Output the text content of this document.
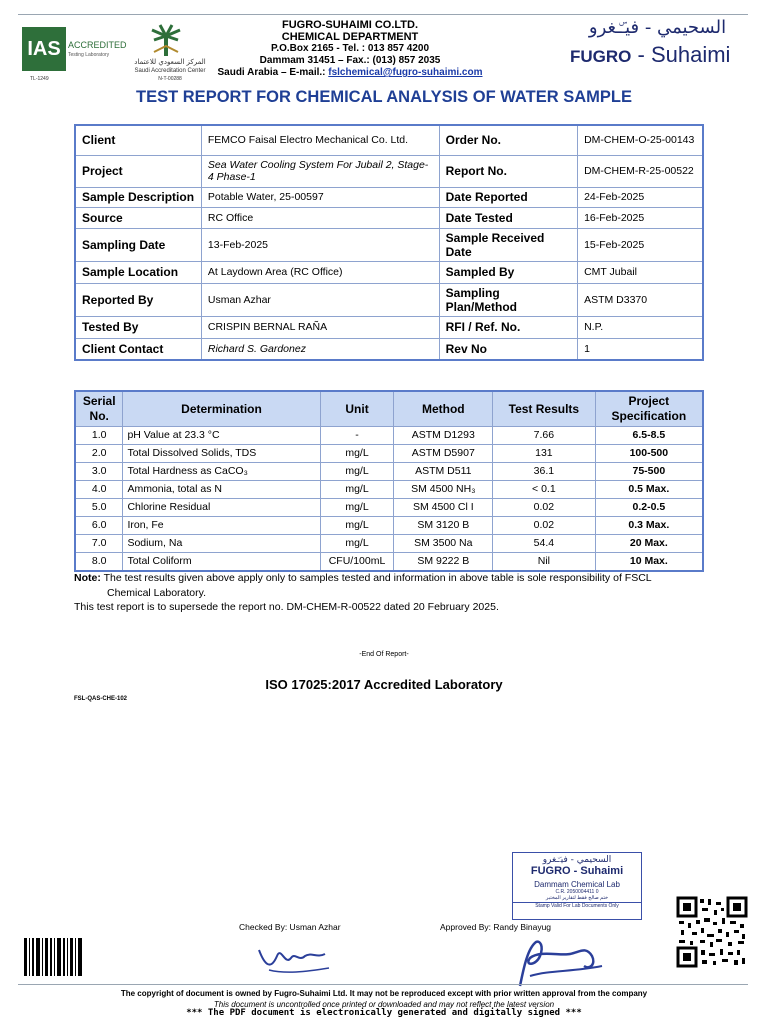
IAS ACCREDITED
Testing Laboratory
TL-1249
المركز السعودي للاعتماد
Saudi Accreditation Center
N-T-00288
FUGRO-SUHAIMI CO.LTD.
CHEMICAL DEPARTMENT
P.O.Box 2165 - Tel. : 013 857 4200
Dammam 31451 – Fax.: (013) 857 2035
Saudi Arabia – E-mail.: fslchemical@fugro-suhaimi.com
السحيمي - فيـۜـغرو
FUGRO - Suhaimi
TEST REPORT FOR CHEMICAL ANALYSIS OF WATER SAMPLE
Client	FEMCO Faisal Electro Mechanical Co. Ltd.	Order No.	DM-CHEM-O-25-00143
Project	Sea Water Cooling System For Jubail 2, Stage-4 Phase-1	Report No.	DM-CHEM-R-25-00522
Sample Description	Potable Water, 25-00597	Date Reported	24-Feb-2025
Source	RC Office	Date Tested	16-Feb-2025
Sampling Date	13-Feb-2025	Sample Received Date	15-Feb-2025
Sample Location	At Laydown Area (RC Office)	Sampled By	CMT Jubail
Reported By	Usman Azhar	Sampling Plan/Method	ASTM D3370
Tested By	CRISPIN BERNAL RAÑA	RFI / Ref. No.	N.P.
Client Contact	Richard S. Gardonez	Rev No	1
Serial No.	Determination	Unit	Method	Test Results	Project Specification
1.0	pH Value at 23.3 °C	-	ASTM D1293	7.66	6.5-8.5
2.0	Total Dissolved Solids, TDS	mg/L	ASTM D5907	131	100-500
3.0	Total Hardness as CaCO₃	mg/L	ASTM D511	36.1	75-500
4.0	Ammonia, total as N	mg/L	SM 4500 NH₃	< 0.1	0.5 Max.
5.0	Chlorine Residual	mg/L	SM 4500 Cl I	0.02	0.2-0.5
6.0	Iron, Fe	mg/L	SM 3120 B	0.02	0.3 Max.
7.0	Sodium, Na	mg/L	SM 3500 Na	54.4	20 Max.
8.0	Total Coliform	CFU/100mL	SM 9222 B	Nil	10 Max.
Note: The test results given above apply only to samples tested and information in above table is sole responsibility of FSCL
Chemical Laboratory.
This test report is to supersede the report no. DM-CHEM-R-00522 dated 20 February 2025.
-End Of Report-
ISO 17025:2017 Accredited Laboratory
FSL-QAS-CHE-102
السحيمي - فيـۜـغرو
FUGRO - Suhaimi
Dammam Chemical Lab
C.R. 2050004411 0
ختم صالح فقط لتقارير المختبر
Stamp Valid For Lab Documents Only
Checked By: Usman Azhar	Approved By: Randy Binayug
The copyright of document is owned by Fugro-Suhaimi Ltd. It may not be reproduced except with prior written approval from the company
This document is uncontrolled once printed or downloaded and may not reflect the latest version
*** The PDF document is electronically generated and digitally signed ***
